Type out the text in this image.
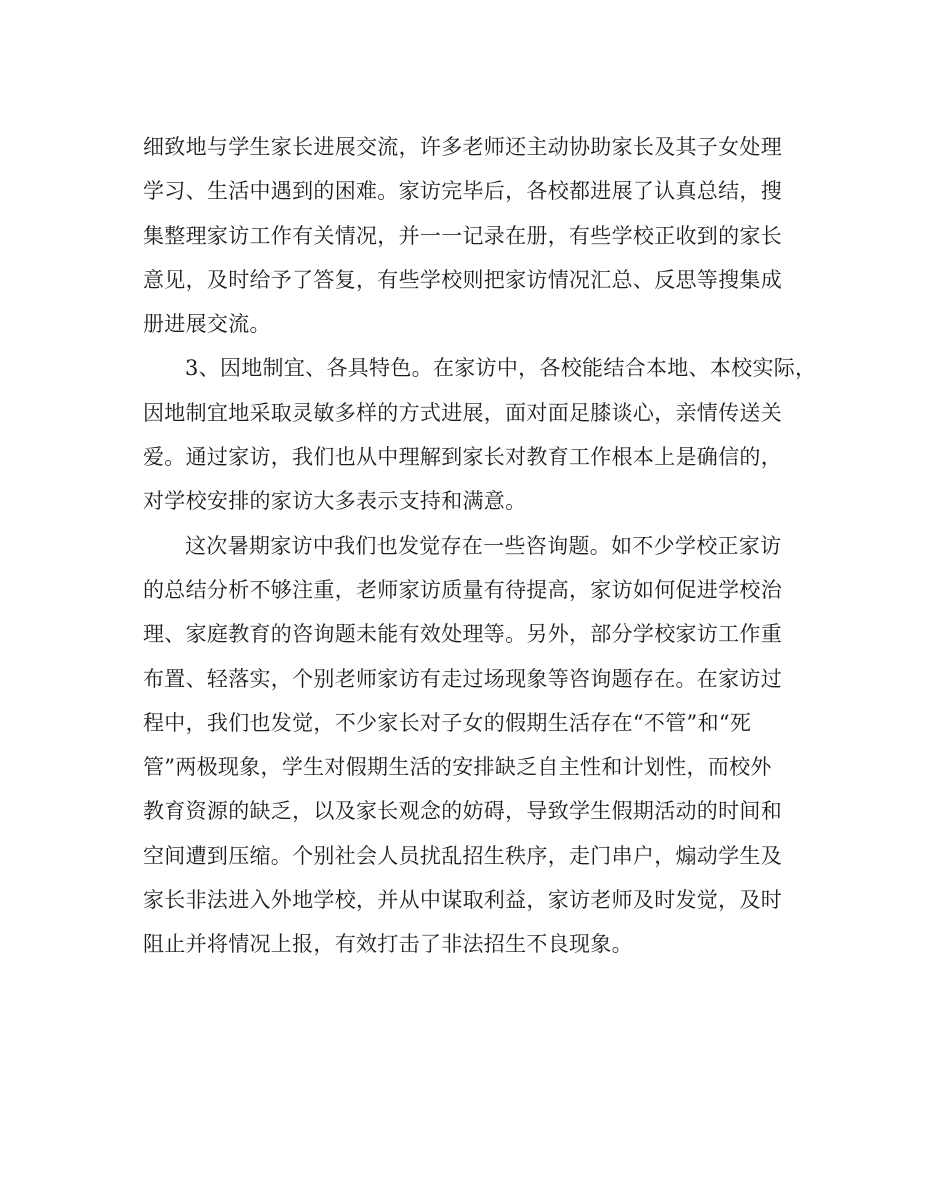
细致地与学生家长进展交流，许多老师还主动协助家长及其子女处理
学习、生活中遇到的困难。家访完毕后，各校都进展了认真总结，搜
集整理家访工作有关情况，并一一记录在册，有些学校正收到的家长
意见，及时给予了答复，有些学校则把家访情况汇总、反思等搜集成
册进展交流。
3、因地制宜、各具特色。在家访中，各校能结合本地、本校实际，
因地制宜地采取灵敏多样的方式进展，面对面足膝谈心，亲情传送关
爱。通过家访，我们也从中理解到家长对教育工作根本上是确信的，
对学校安排的家访大多表示支持和满意。
这次暑期家访中我们也发觉存在一些咨询题。如不少学校正家访
的总结分析不够注重，老师家访质量有待提高，家访如何促进学校治
理、家庭教育的咨询题未能有效处理等。另外，部分学校家访工作重
布置、轻落实，个别老师家访有走过场现象等咨询题存在。在家访过
程中，我们也发觉，不少家长对子女的假期生活存在“不管”和“死
管”两极现象，学生对假期生活的安排缺乏自主性和计划性，而校外
教育资源的缺乏，以及家长观念的妨碍，导致学生假期活动的时间和
空间遭到压缩。个别社会人员扰乱招生秩序，走门串户，煽动学生及
家长非法进入外地学校，并从中谋取利益，家访老师及时发觉，及时
阻止并将情况上报，有效打击了非法招生不良现象。
